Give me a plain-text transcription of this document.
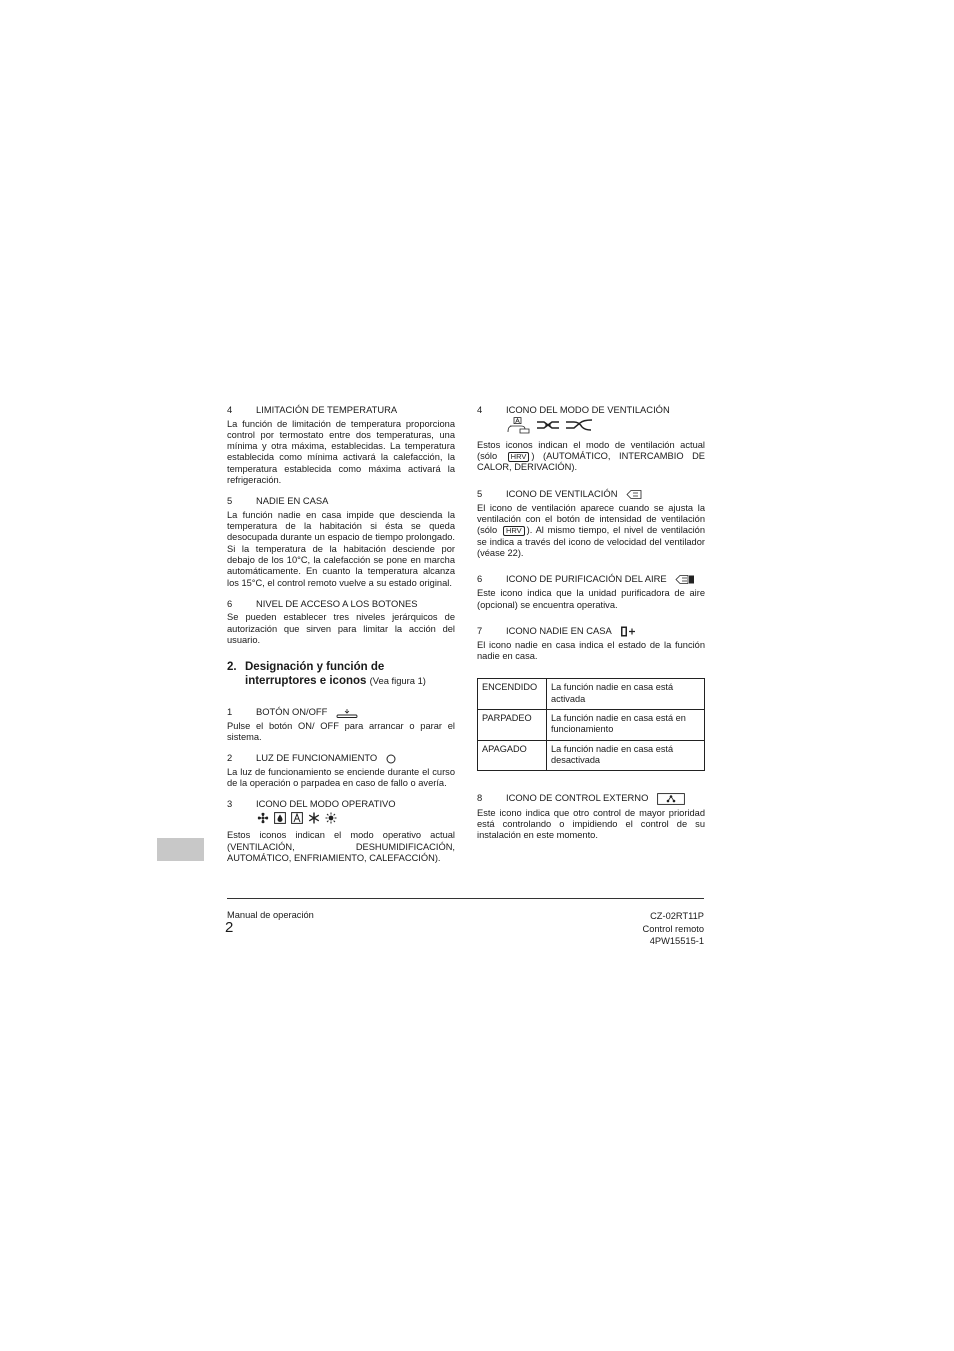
4	LIMITACIÓN DE TEMPERATURA

La función de limitación de temperatura proporciona control por termostato entre dos temperaturas, una mínima y otra máxima, establecidas. La temperatura establecida como mínima activará la calefacción, la temperatura establecida como máxima activará la refrigeración.

5	NADIE EN CASA

La función nadie en casa impide que descienda la temperatura de la habitación si ésta se queda desocupada durante un espacio de tiempo prolongado. Si la temperatura de la habitación desciende por debajo de los 10°C, la calefacción se pone en marcha automáticamente. En cuanto la temperatura alcanza los 15°C, el control remoto vuelve a su estado original.

6	NIVEL DE ACCESO A LOS BOTONES

Se pueden establecer tres niveles jerárquicos de autorización que sirven para limitar la acción del usuario.

2. Designación y función de
interruptores e iconos (Vea figura 1)
1	BOTÓN ON/OFF

Pulse el botón ON/ OFF para arrancar o parar el sistema.

2	LUZ DE FUNCIONAMIENTO

La luz de funcionamiento se enciende durante el curso de la operación o parpadea en caso de fallo o avería.

3	ICONO DEL MODO OPERATIVO

Estos iconos indican el modo operativo actual (VENTILACIÓN, DESHUMIDIFICACIÓN, AUTOMÁTICO, ENFRIAMIENTO, CALEFACCIÓN).

4	ICONO DEL MODO DE VENTILACIÓN

Estos iconos indican el modo de ventilación actual (sólo HRV ) (AUTOMÁTICO, INTERCAMBIO DE CALOR, DERIVACIÓN).

5	ICONO DE VENTILACIÓN

El icono de ventilación aparece cuando se ajusta la ventilación con el botón de intensidad de ventilación (sólo HRV ). Al mismo tiempo, el nivel de ventilación se indica a través del icono de velocidad del ventilador (véase 22).

6	ICONO DE PURIFICACIÓN DEL AIRE

Este icono indica que la unidad purificadora de aire (opcional) se encuentra operativa.

7	ICONO NADIE EN CASA

El icono nadie en casa indica el estado de la función nadie en casa.

ENCENDIDO	La función nadie en casa está activada
PARPADEO	La función nadie en casa está en funcionamiento
APAGADO	La función nadie en casa está desactivada
8	ICONO DE CONTROL EXTERNO

Este icono indica que otro control de mayor prioridad está controlando o impidiendo el control de su instalación en este momento.

Manual de operación
2
CZ-02RT11P
Control remoto
4PW15515-1
